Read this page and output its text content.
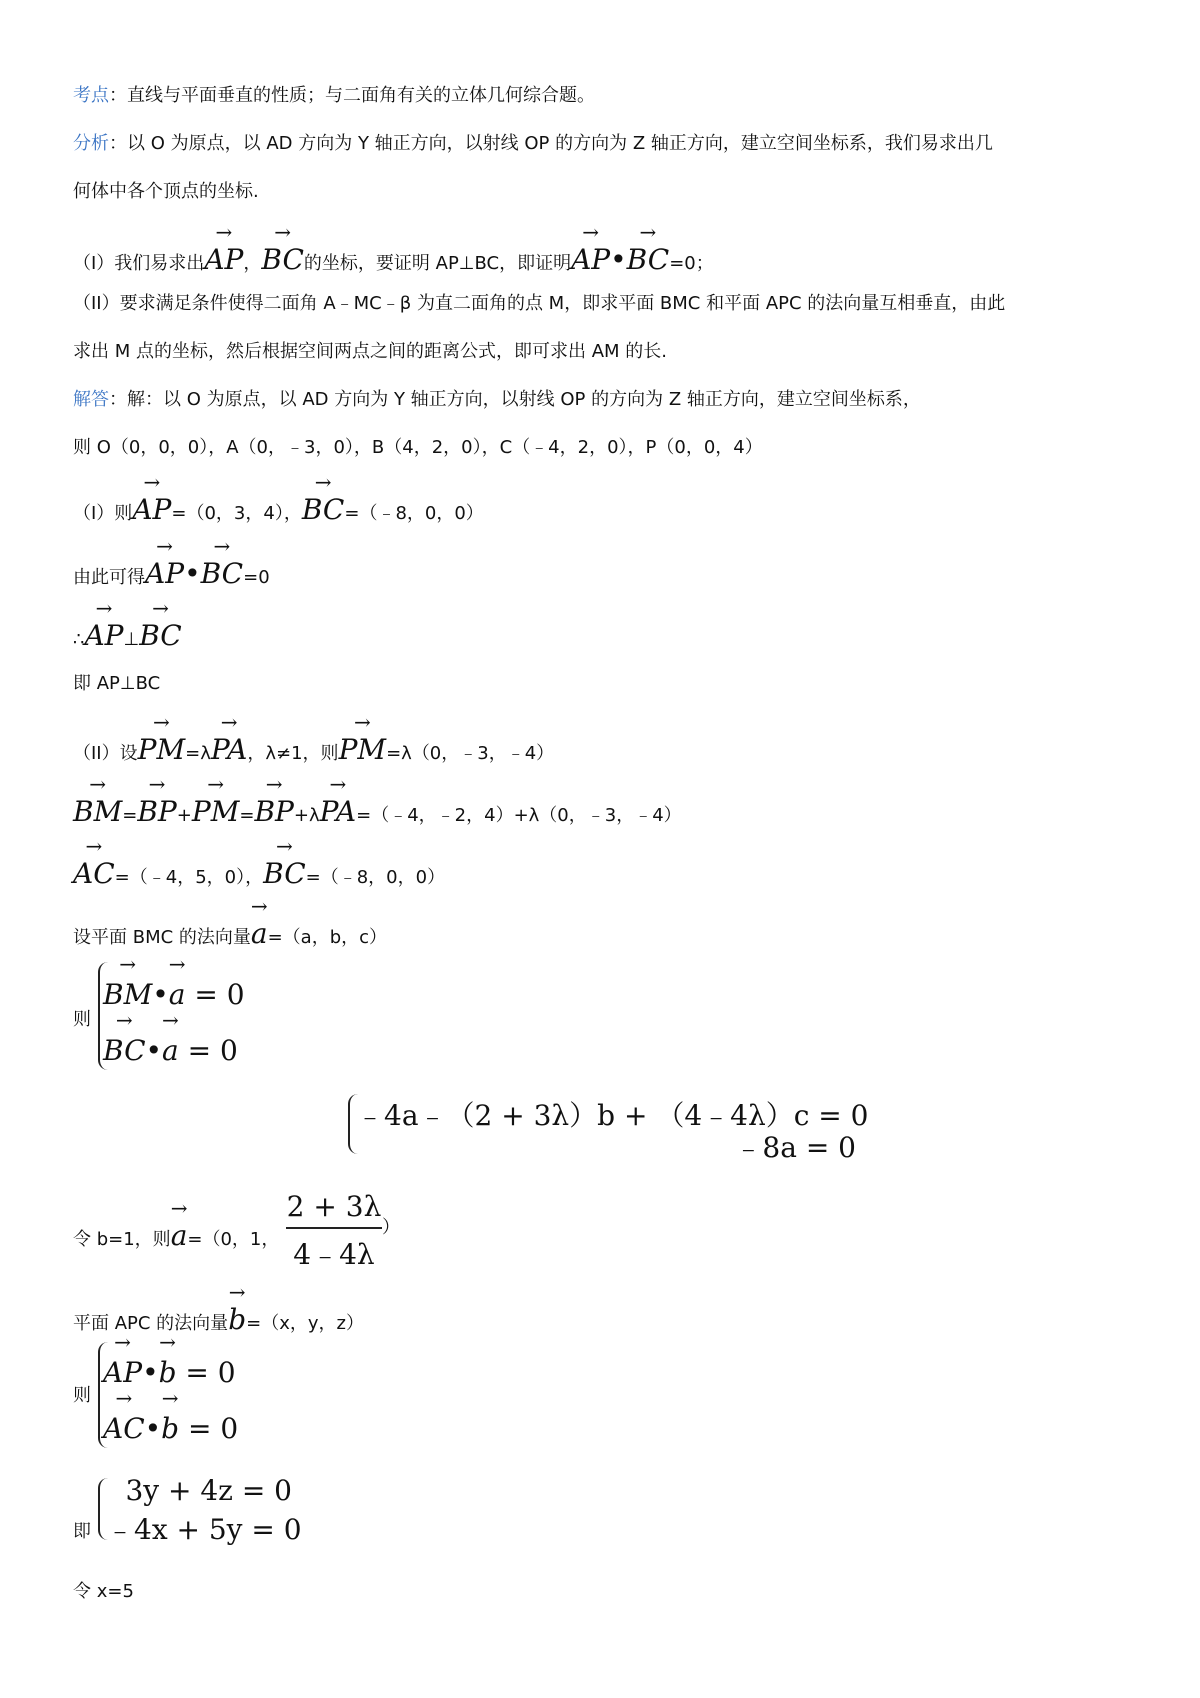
考点：直线与平面垂直的性质；与二面角有关的立体几何综合题。
分析：以 O 为原点，以 AD 方向为 Y 轴正方向，以射线 OP 的方向为 Z 轴正方向，建立空间坐标系，我们易求出几
何体中各个顶点的坐标.
（I）我们易求出
→
AP，
→
BC的坐标，要证明 AP⊥BC，即证明
→
AP•
→
BC=0；
（II）要求满足条件使得二面角 A﹣MC﹣β 为直二面角的点 M，即求平面 BMC 和平面 APC 的法向量互相垂直，由此
求出 M 点的坐标，然后根据空间两点之间的距离公式，即可求出 AM 的长.
解答：解：以 O 为原点，以 AD 方向为 Y 轴正方向，以射线 OP 的方向为 Z 轴正方向，建立空间坐标系，
则 O（0，0，0），A（0，﹣3，0），B（4，2，0），C（﹣4，2，0），P（0，0，4）
（I）则
→
AP=（0，3，4），
→
BC=（﹣8，0，0）
由此可得
→
AP•
→
BC=0
∴
→
AP⊥
→
BC
即 AP⊥BC
（II）设
→
PM=λ
→
PA，λ≠1，则
→
PM=λ（0，﹣3，﹣4）
→
BM=
→
BP+
→
PM=
→
BP+λ
→
PA=（﹣4，﹣2，4）+λ（0，﹣3，﹣4）
→
AC=（﹣4，5，0），
→
BC=（﹣8，0，0）
设平面 BMC 的法向量
→
a=（a，b，c）
则
→
BM•
→
a = 0
→
BC•
→
a = 0
﹣4a﹣（2 + 3λ）b + （4﹣4λ）c = 0
﹣8a = 0
令 b=1，则
→
a=（0，1，
2 + 3λ
4﹣4λ
）
平面 APC 的法向量
→
b=（x，y，z）
则
→
AP•
→
b = 0
→
AC•
→
b = 0
即
3y + 4z = 0
﹣4x + 5y = 0
令 x=5
